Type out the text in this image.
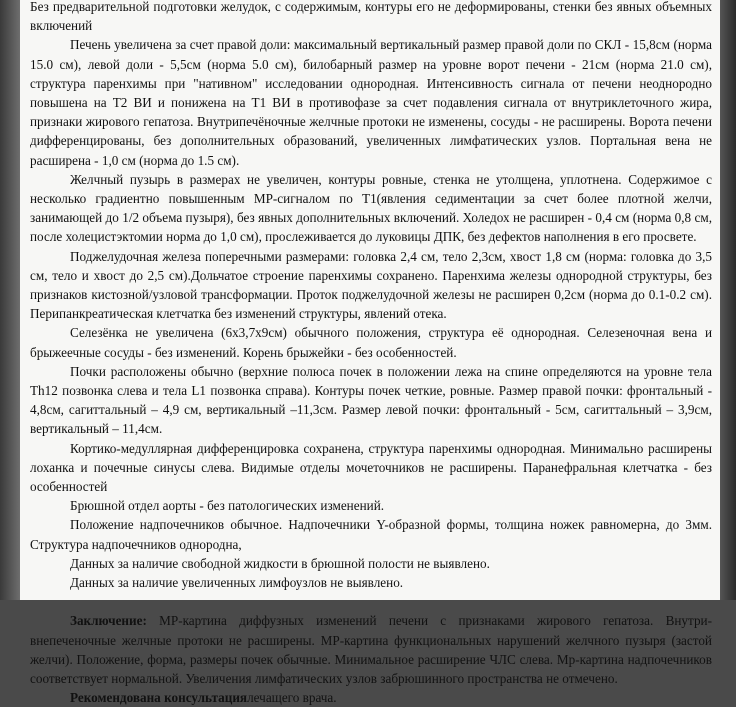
Без предварительной подготовки желудок, с содержимым, контуры его не деформированы, стенки без явных объемных включений

Печень увеличена за счет правой доли: максимальный вертикальный размер правой доли по СКЛ - 15,8см (норма 15.0 см), левой доли - 5,5см (норма 5.0 см), билобарный размер на уровне ворот печени - 21см (норма 21.0 см), структура паренхимы при "нативном" исследовании однородная. Интенсивность сигнала от печени неоднородно повышена на Т2 ВИ и понижена на Т1 ВИ в противофазе за счет подавления сигнала от внутриклеточного жира, признаки жирового гепатоза. Внутрипечёночные желчные протоки не изменены, сосуды - не расширены. Ворота печени дифференцированы, без дополнительных образований, увеличенных лимфатических узлов. Портальная вена не расширена - 1,0 см (норма до 1.5 см).

Желчный пузырь в размерах не увеличен, контуры ровные, стенка не утолщена, уплотнена. Содержимое с несколько градиентно повышенным МР-сигналом по Т1(явления седиментации за счет более плотной желчи, занимающей до 1/2 объема пузыря), без явных дополнительных включений. Холедох не расширен - 0,4 см (норма 0,8 см, после холецистэктомии норма до 1,0 см), прослеживается до луковицы ДПК, без дефектов наполнения в его просвете.

Поджелудочная железа поперечными размерами: головка 2,4 см, тело 2,3см, хвост 1,8 см (норма: головка до 3,5 см, тело и хвост до 2,5 см).Дольчатое строение паренхимы сохранено. Паренхима железы однородной структуры, без признаков кистозной/узловой трансформации. Проток поджелудочной железы не расширен 0,2см (норма до 0.1-0.2 см). Перипанкреатическая клетчатка без изменений структуры, явлений отека.

Селезёнка не увеличена (6х3,7х9см) обычного положения, структура её однородная. Селезеночная вена и брыжеечные сосуды - без изменений. Корень брыжейки - без особенностей.

Почки расположены обычно (верхние полюса почек в положении лежа на спине определяются на уровне тела Th12 позвонка слева и тела L1 позвонка справа). Контуры почек четкие, ровные. Размер правой почки: фронтальный - 4,8см, сагиттальный – 4,9 см, вертикальный –11,3см. Размер левой почки: фронтальный - 5см, сагиттальный – 3,9см, вертикальный – 11,4см.

Кортико-медуллярная дифференцировка сохранена, структура паренхимы однородная. Минимально расширены лоханка и почечные синусы слева. Видимые отделы мочеточников не расширены. Паранефральная клетчатка - без особенностей

Брюшной отдел аорты - без патологических изменений.

Положение надпочечников обычное. Надпочечники Y-образной формы, толщина ножек равномерна, до 3мм. Структура надпочечников однородна,

Данных за наличие свободной жидкости в брюшной полости не выявлено.

Данных за наличие увеличенных лимфоузлов не выявлено.

Заключение: МР-картина диффузных изменений печени с признаками жирового гепатоза. Внутри-внепеченочные желчные протоки не расширены. МР-картина функциональных нарушений желчного пузыря (застой желчи). Положение, форма, размеры почек обычные. Минимальное расширение ЧЛС слева. Мр-картина надпочечников соответствует нормальной. Увеличения лимфатических узлов забрюшинного пространства не отмечено.

Рекомендована консультациялечащего врача.
